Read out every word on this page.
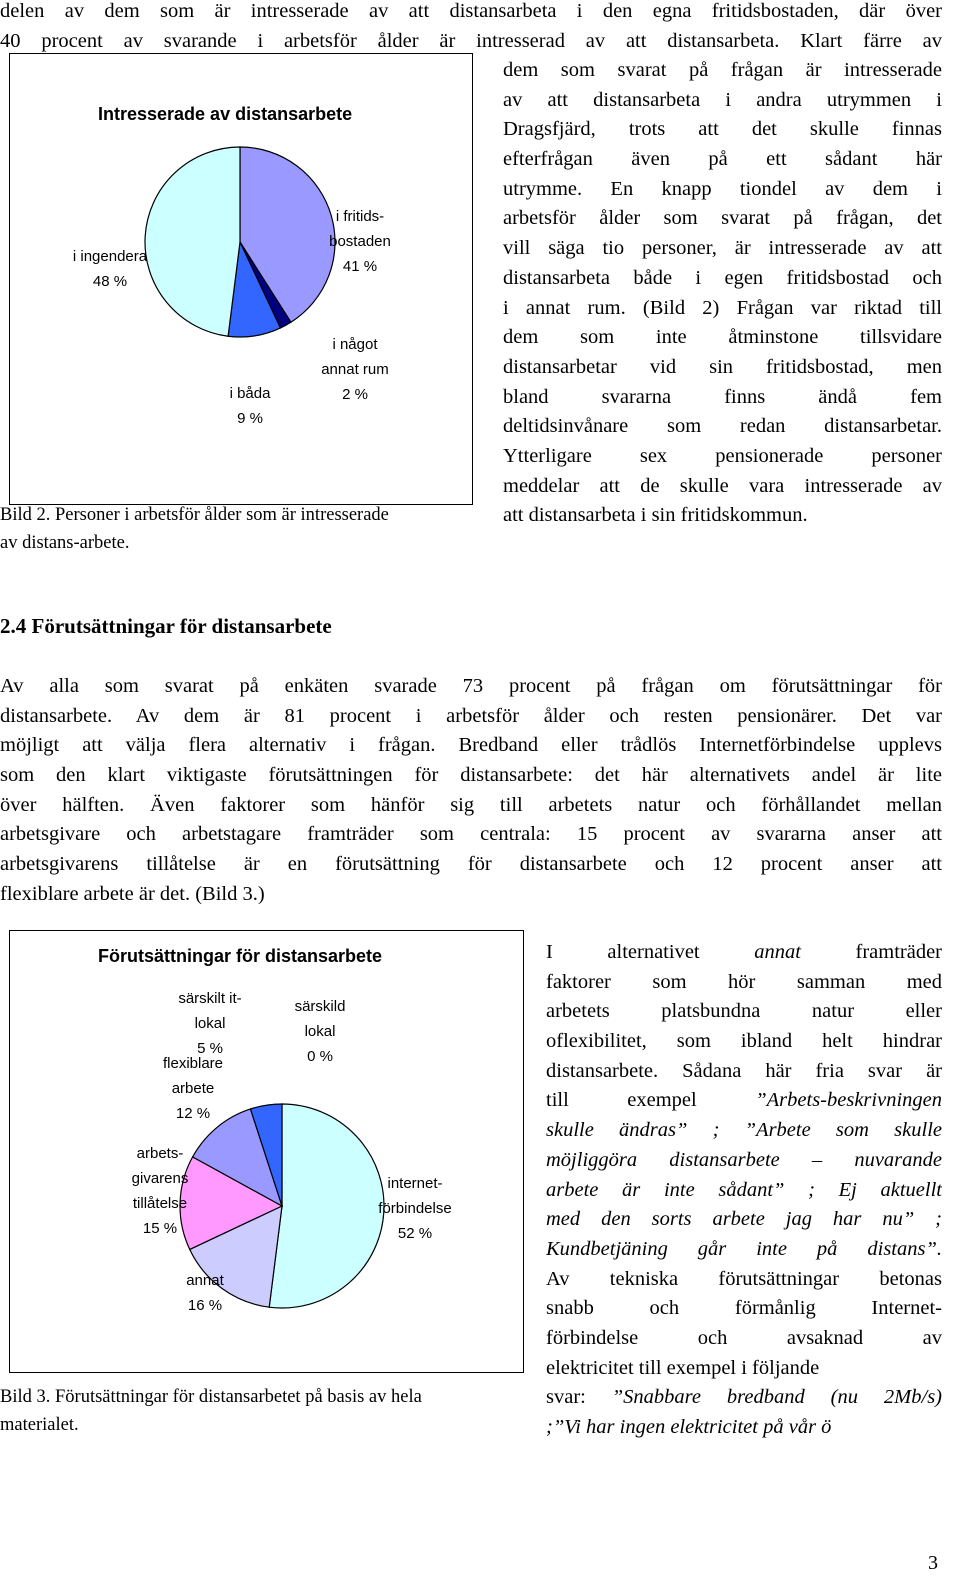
delen av dem som är intresserade av att distansarbeta i den egna fritidsbostaden, där över
40 procent av svarande i arbetsför ålder är intresserad av att distansarbeta. Klart färre av
dem som svarat på frågan är intresserade
av att distansarbeta i andra utrymmen i
Dragsfjärd, trots att det skulle finnas
efterfrågan även på ett sådant här
utrymme. En knapp tiondel av dem i
arbetsför ålder som svarat på frågan, det
vill säga tio personer, är intresserade av att
distansarbeta både i egen fritidsbostad och
i annat rum. (Bild 2) Frågan var riktad till
dem som inte åtminstone tillsvidare
distansarbetar vid sin fritidsbostad, men
bland svararna finns ändå fem
deltidsinvånare som redan distansarbetar.
Ytterligare sex pensionerade personer
meddelar att de skulle vara intresserade av
att distansarbeta i sin fritidskommun.
Intresserade av distansarbete
i fritids-
bostaden
41 %
i något
annat rum
2 %
i båda
9 %
i ingendera
48 %
Bild 2. Personer i arbetsför ålder som är intresserade
av distans-arbete.
2.4 Förutsättningar för distansarbete
Av alla som svarat på enkäten svarade 73 procent på frågan om förutsättningar för
distansarbete. Av dem är 81 procent i arbetsför ålder och resten pensionärer. Det var
möjligt att välja flera alternativ i frågan. Bredband eller trådlös Internetförbindelse upplevs
som den klart viktigaste förutsättningen för distansarbete: det här alternativets andel är lite
över hälften. Även faktorer som hänför sig till arbetets natur och förhållandet mellan
arbetsgivare och arbetstagare framträder som centrala: 15 procent av svararna anser att
arbetsgivarens tillåtelse är en förutsättning för distansarbete och 12 procent anser att
flexiblare arbete är det. (Bild 3.)
Förutsättningar för distansarbete
särskilt it-
lokal
5 %
särskild
lokal
0 %
flexiblare
arbete
12 %
arbets-
givarens
tillåtelse
15 %
internet-
förbindelse
52 %
annat
16 %
Bild 3. Förutsättningar för distansarbetet på basis av hela
materialet.
I alternativet annat framträder
faktorer som hör samman med
arbetets platsbundna natur eller
oflexibilitet, som ibland helt hindrar
distansarbete. Sådana här fria svar är
till exempel ”Arbets-beskrivningen
skulle ändras” ; ”Arbete som skulle
möjliggöra distansarbete – nuvarande
arbete är inte sådant” ; Ej aktuellt
med den sorts arbete jag har nu” ;
Kundbetjäning går inte på distans”.
Av tekniska förutsättningar betonas
snabb och förmånlig Internet-
förbindelse och avsaknad av
elektricitet till exempel i följande
svar: ”Snabbare bredband (nu 2Mb/s)
;”Vi har ingen elektricitet på vår ö
3
